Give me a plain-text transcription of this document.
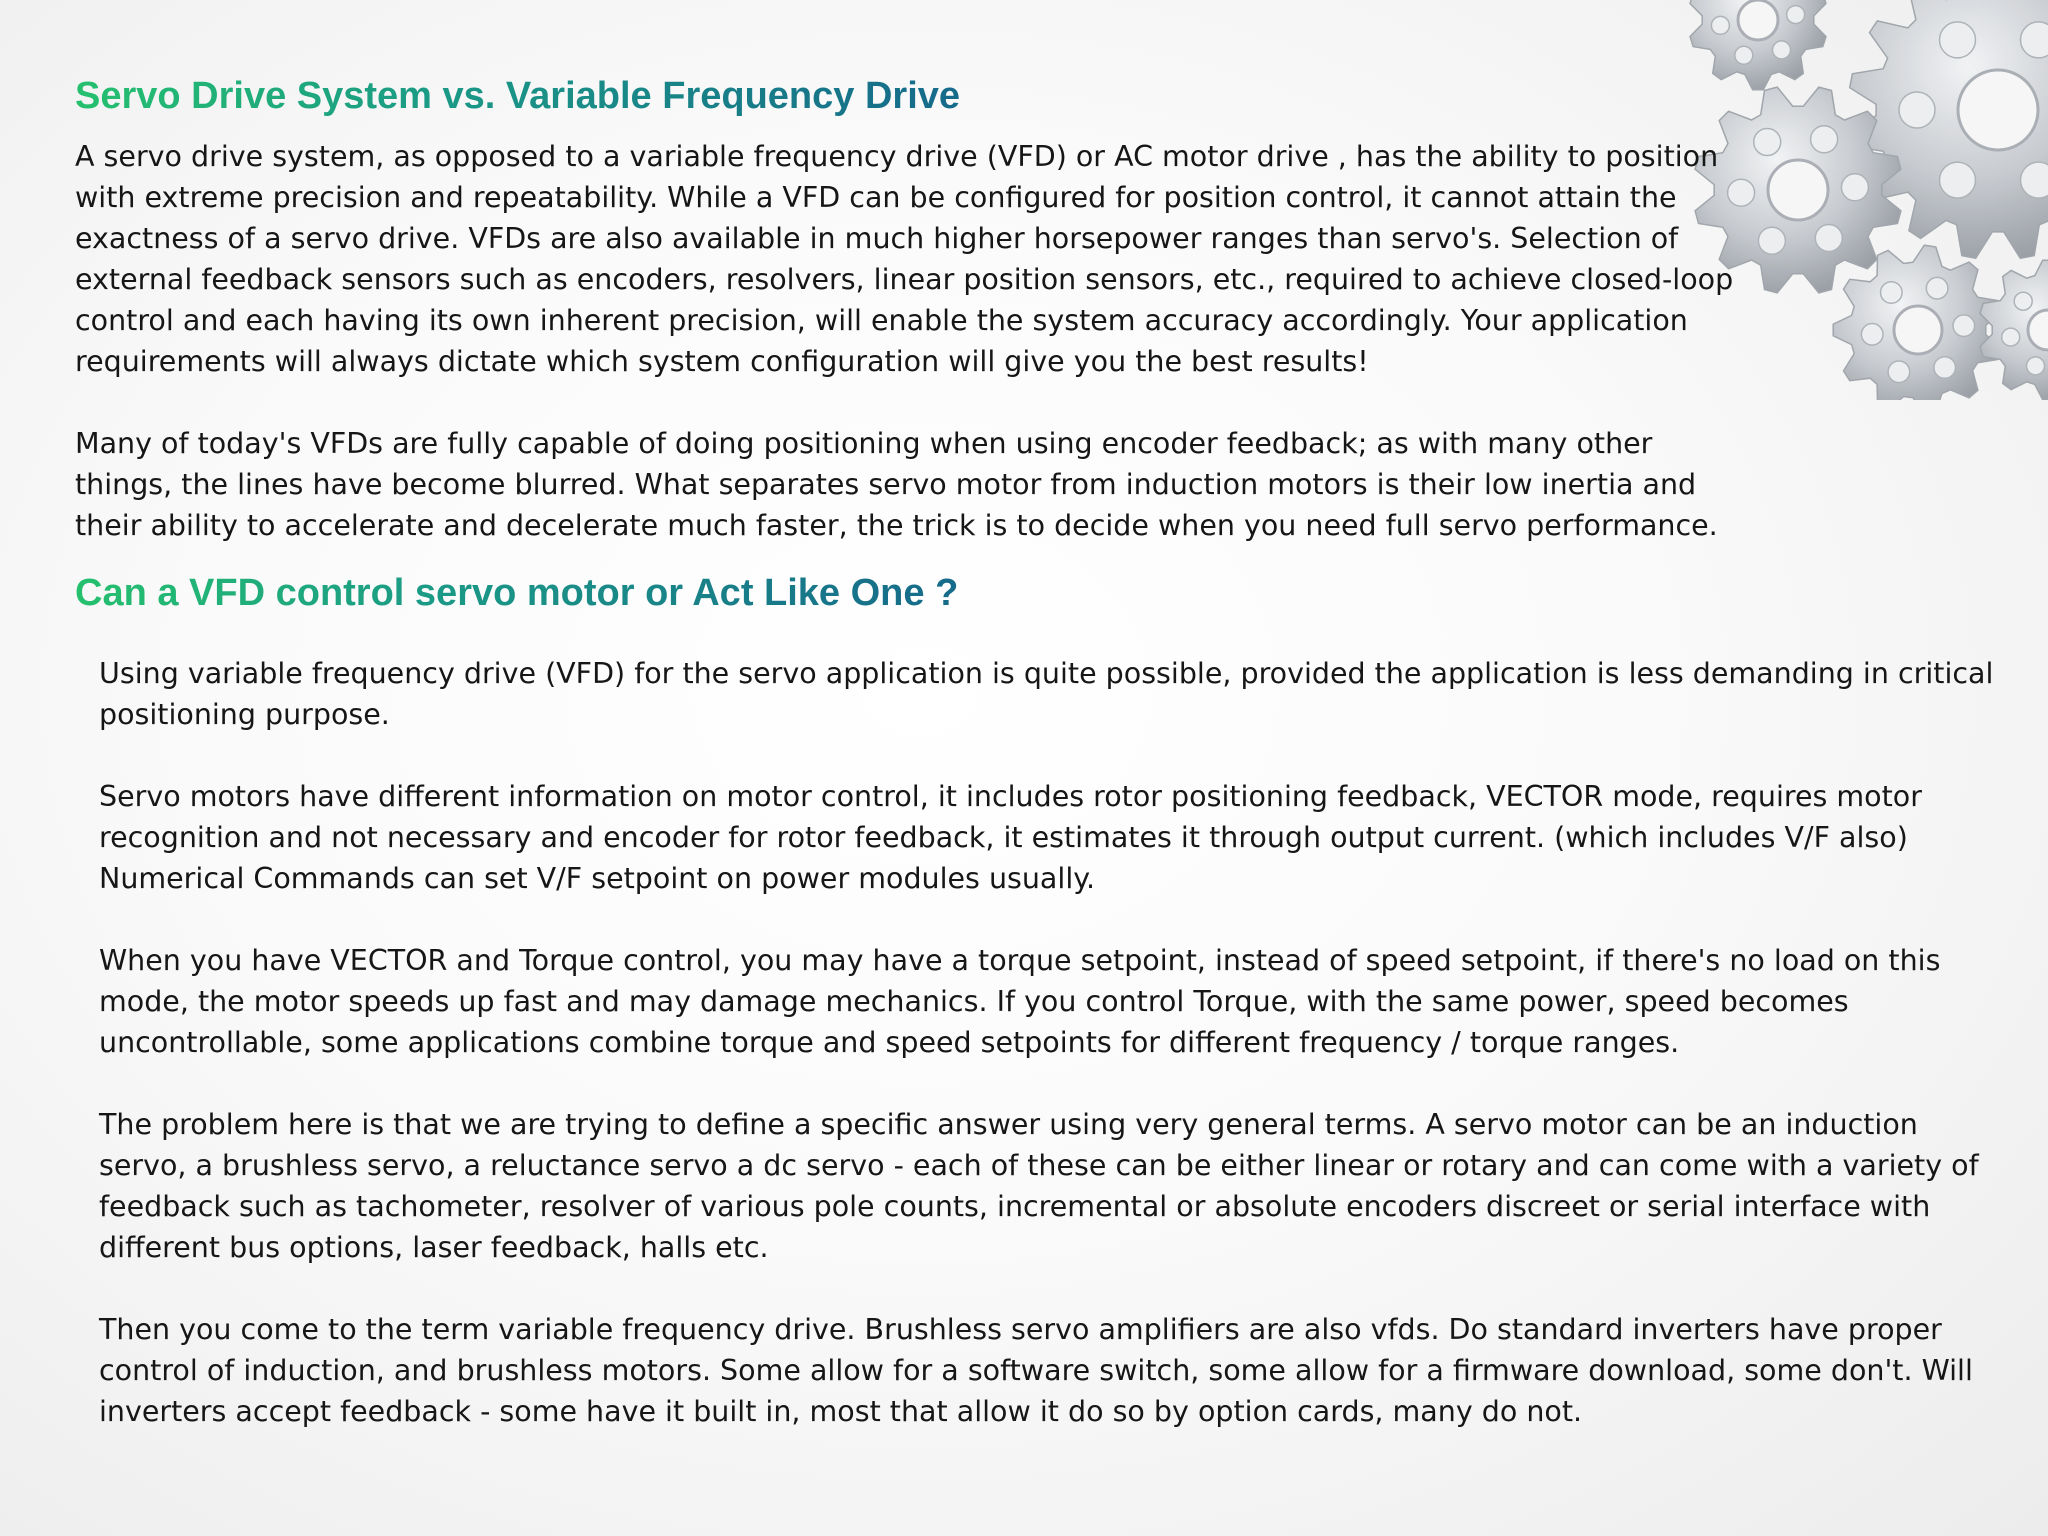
Servo Drive System vs. Variable Frequency Drive

A servo drive system, as opposed to a variable frequency drive (VFD) or AC motor drive , has the ability to position with extreme precision and repeatability. While a VFD can be configured for position control, it cannot attain the exactness of a servo drive. VFDs are also available in much higher horsepower ranges than servo's. Selection of external feedback sensors such as encoders, resolvers, linear position sensors, etc., required to achieve closed-loop control and each having its own inherent precision, will enable the system accuracy accordingly. Your application requirements will always dictate which system configuration will give you the best results!

Many of today's VFDs are fully capable of doing positioning when using encoder feedback; as with many other things, the lines have become blurred. What separates servo motor from induction motors is their low inertia and their ability to accelerate and decelerate much faster, the trick is to decide when you need full servo performance.

Can a VFD control servo motor or Act Like One ?

Using variable frequency drive (VFD) for the servo application is quite possible, provided the application is less demanding in critical positioning purpose.

Servo motors have different information on motor control, it includes rotor positioning feedback, VECTOR mode, requires motor recognition and not necessary and encoder for rotor feedback, it estimates it through output current. (which includes V/F also) Numerical Commands can set V/F setpoint on power modules usually.

When you have VECTOR and Torque control, you may have a torque setpoint, instead of speed setpoint, if there's no load on this mode, the motor speeds up fast and may damage mechanics. If you control Torque, with the same power, speed becomes uncontrollable, some applications combine torque and speed setpoints for different frequency / torque ranges.

The problem here is that we are trying to define a specific answer using very general terms. A servo motor can be an induction servo, a brushless servo, a reluctance servo a dc servo - each of these can be either linear or rotary and can come with a variety of feedback such as tachometer, resolver of various pole counts, incremental or absolute encoders discreet or serial interface with different bus options, laser feedback, halls etc.

Then you come to the term variable frequency drive. Brushless servo amplifiers are also vfds. Do standard inverters have proper control of induction, and brushless motors. Some allow for a software switch, some allow for a firmware download, some don't. Will inverters accept feedback - some have it built in, most that allow it do so by option cards, many do not.
